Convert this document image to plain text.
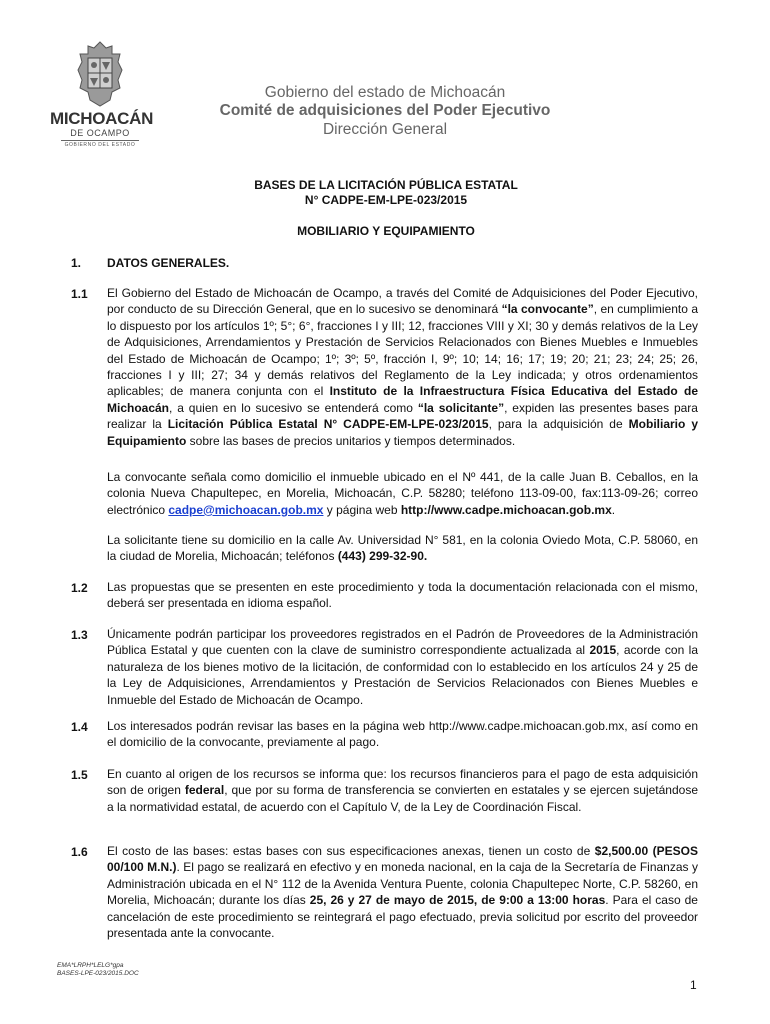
MICHOACÁN
DE OCAMPO
GOBIERNO DEL ESTADO
Gobierno del estado de Michoacán
Comité de adquisiciones del Poder Ejecutivo
Dirección General
BASES DE LA LICITACIÓN PÚBLICA ESTATAL
N° CADPE-EM-LPE-023/2015
MOBILIARIO Y EQUIPAMIENTO
1. DATOS GENERALES.
1.1 El Gobierno del Estado de Michoacán de Ocampo, a través del Comité de Adquisiciones del Poder Ejecutivo, por conducto de su Dirección General, que en lo sucesivo se denominará “la convocante”, en cumplimiento a lo dispuesto por los artículos 1º; 5°; 6°, fracciones I y III; 12, fracciones VIII y XI; 30 y demás relativos de la Ley de Adquisiciones, Arrendamientos y Prestación de Servicios Relacionados con Bienes Muebles e Inmuebles del Estado de Michoacán de Ocampo; 1º; 3º; 5º, fracción I, 9º; 10; 14; 16; 17; 19; 20; 21; 23; 24; 25; 26, fracciones I y III; 27; 34 y demás relativos del Reglamento de la Ley indicada; y otros ordenamientos aplicables; de manera conjunta con el Instituto de la Infraestructura Física Educativa del Estado de Michoacán, a quien en lo sucesivo se entenderá como “la solicitante”, expiden las presentes bases para realizar la Licitación Pública Estatal N° CADPE-EM-LPE-023/2015, para la adquisición de Mobiliario y Equipamiento sobre las bases de precios unitarios y tiempos determinados.
La convocante señala como domicilio el inmueble ubicado en el Nº 441, de la calle Juan B. Ceballos, en la colonia Nueva Chapultepec, en Morelia, Michoacán, C.P. 58280; teléfono 113-09-00, fax:113-09-26; correo electrónico cadpe@michoacan.gob.mx y página web http://www.cadpe.michoacan.gob.mx.
La solicitante tiene su domicilio en la calle Av. Universidad N° 581, en la colonia Oviedo Mota, C.P. 58060, en la ciudad de Morelia, Michoacán; teléfonos (443) 299-32-90.
1.2 Las propuestas que se presenten en este procedimiento y toda la documentación relacionada con el mismo, deberá ser presentada en idioma español.
1.3 Únicamente podrán participar los proveedores registrados en el Padrón de Proveedores de la Administración Pública Estatal y que cuenten con la clave de suministro correspondiente actualizada al 2015, acorde con la naturaleza de los bienes motivo de la licitación, de conformidad con lo establecido en los artículos 24 y 25 de la Ley de Adquisiciones, Arrendamientos y Prestación de Servicios Relacionados con Bienes Muebles e Inmueble del Estado de Michoacán de Ocampo.
1.4 Los interesados podrán revisar las bases en la página web http://www.cadpe.michoacan.gob.mx, así como en el domicilio de la convocante, previamente al pago.
1.5 En cuanto al origen de los recursos se informa que: los recursos financieros para el pago de esta adquisición son de origen federal, que por su forma de transferencia se convierten en estatales y se ejercen sujetándose a la normatividad estatal, de acuerdo con el Capítulo V, de la Ley de Coordinación Fiscal.
1.6 El costo de las bases: estas bases con sus especificaciones anexas, tienen un costo de $2,500.00 (PESOS 00/100 M.N.). El pago se realizará en efectivo y en moneda nacional, en la caja de la Secretaría de Finanzas y Administración ubicada en el N° 112 de la Avenida Ventura Puente, colonia Chapultepec Norte, C.P. 58260, en Morelia, Michoacán; durante los días 25, 26 y 27 de mayo de 2015, de 9:00 a 13:00 horas. Para el caso de cancelación de este procedimiento se reintegrará el pago efectuado, previa solicitud por escrito del proveedor presentada ante la convocante.
EMA*LRPH*LELG*gpa
BASES-LPE-023/2015.DOC
1
